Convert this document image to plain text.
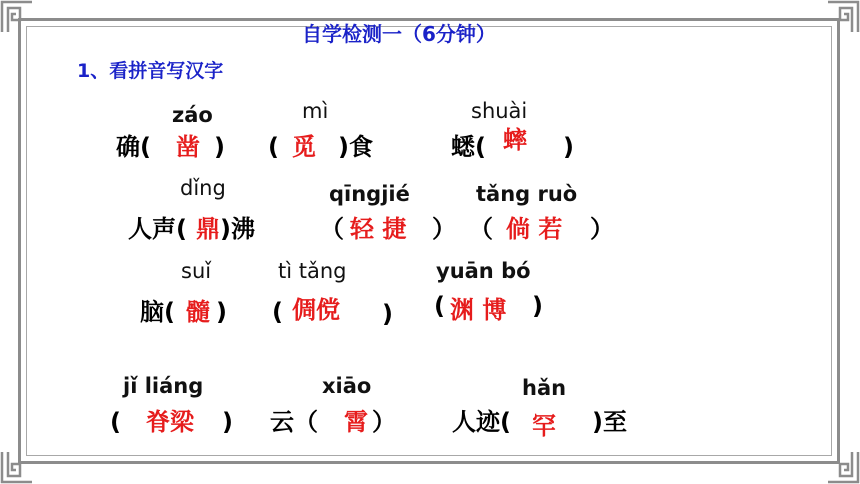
自学检测一（6分钟）
1、看拼音写汉字
záo
确( 凿 )
mì
( 觅 )食
shuài
蟋( 蟀 )
dǐng
人声( 鼎 )沸
qīngjié
（ 轻 捷 ）
tǎng ruò
（ 倘 若 ）
suǐ
脑( 髓 )
tì tǎng
( 倜傥 )
yuān bó
( 渊 博 )
jǐ liáng
( 脊梁 )
xiāo
云（ 霄 ）
hǎn
人迹( 罕 )至
